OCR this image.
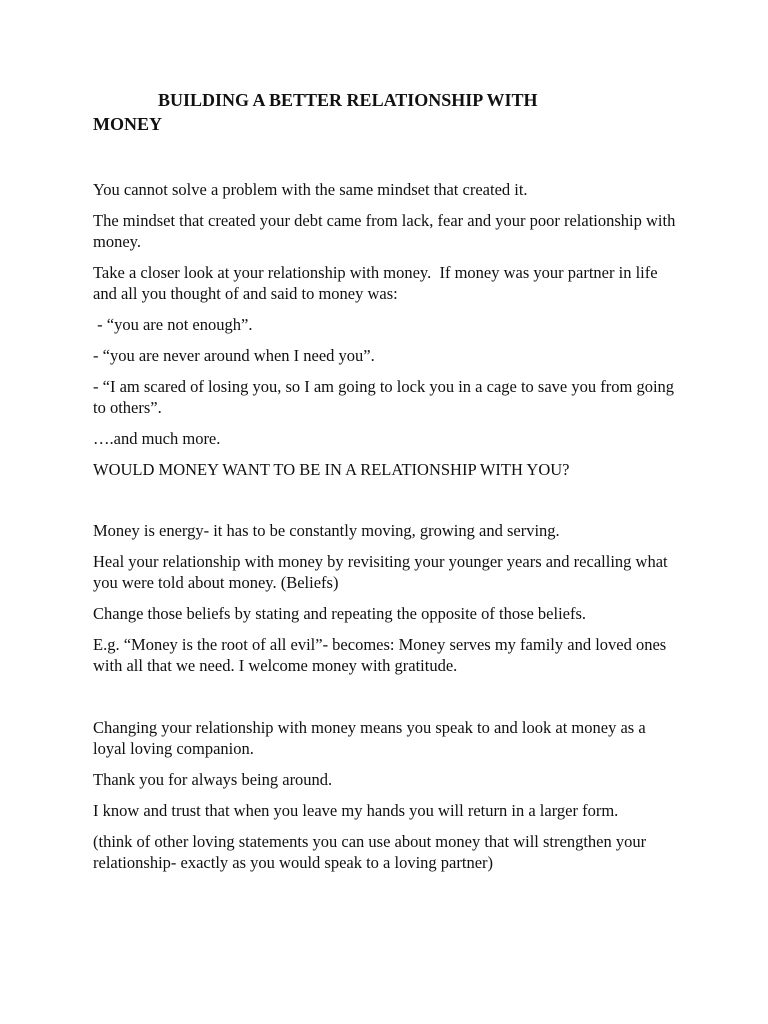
BUILDING A BETTER RELATIONSHIP WITH
MONEY

You cannot solve a problem with the same mindset that created it.

The mindset that created your debt came from lack, fear and your poor relationship with money.

Take a closer look at your relationship with money.  If money was your partner in life and all you thought of and said to money was:

- “you are not enough”.

- “you are never around when I need you”.

- “I am scared of losing you, so I am going to lock you in a cage to save you from going to others”.

….and much more.

WOULD MONEY WANT TO BE IN A RELATIONSHIP WITH YOU?

Money is energy- it has to be constantly moving, growing and serving.

Heal your relationship with money by revisiting your younger years and recalling what you were told about money. (Beliefs)

Change those beliefs by stating and repeating the opposite of those beliefs.

E.g. “Money is the root of all evil”- becomes: Money serves my family and loved ones with all that we need. I welcome money with gratitude.

Changing your relationship with money means you speak to and look at money as a loyal loving companion.

Thank you for always being around.

I know and trust that when you leave my hands you will return in a larger form.

(think of other loving statements you can use about money that will strengthen your relationship- exactly as you would speak to a loving partner)
